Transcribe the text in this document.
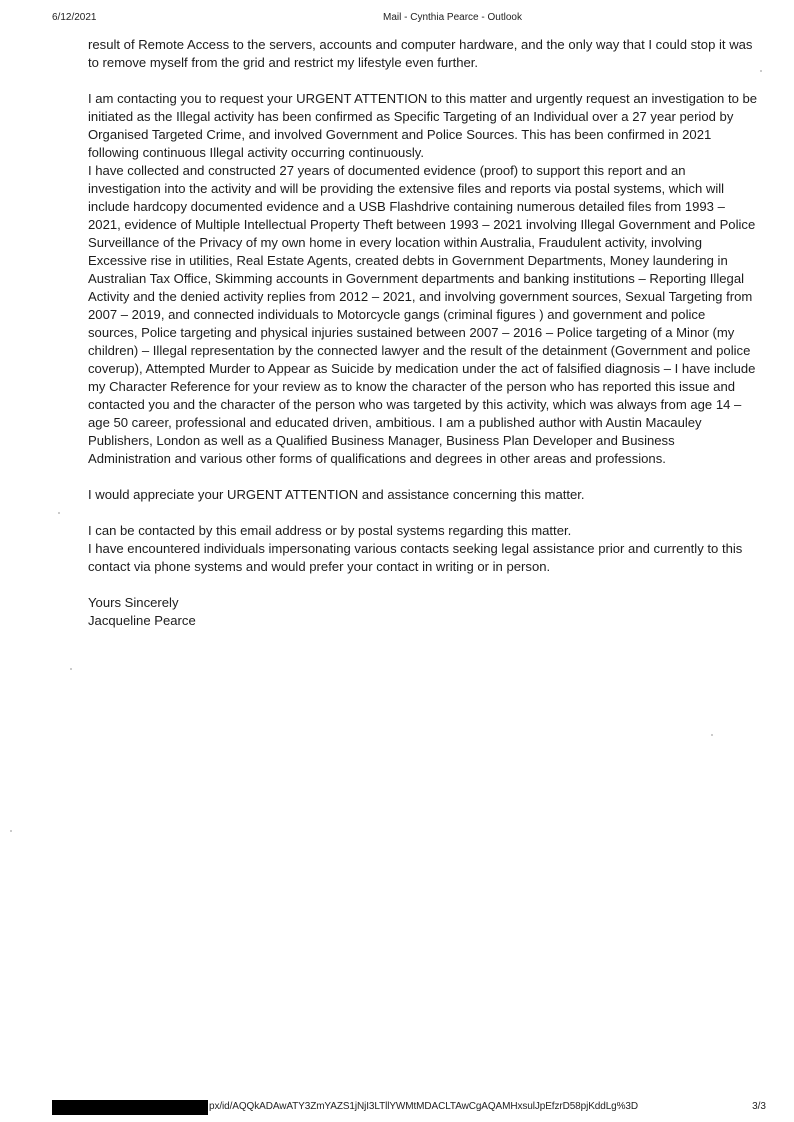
6/12/2021	Mail - Cynthia Pearce - Outlook

result of Remote Access to the servers, accounts and computer hardware, and the only way that I could stop it was to remove myself from the grid and restrict my lifestyle even further.

I am contacting you to request your URGENT ATTENTION to this matter and urgently request an investigation to be initiated as the Illegal activity has been confirmed as Specific Targeting of an Individual over a 27 year period by Organised Targeted Crime, and involved Government and Police Sources. This has been confirmed in 2021 following continuous Illegal activity occurring continuously.

I have collected and constructed 27 years of documented evidence (proof) to support this report and an investigation into the activity and will be providing the extensive files and reports via postal systems, which will include hardcopy documented evidence and a USB Flashdrive containing numerous detailed files from 1993 – 2021, evidence of Multiple Intellectual Property Theft between 1993 – 2021 involving Illegal Government and Police Surveillance of the Privacy of my own home in every location within Australia, Fraudulent activity, involving Excessive rise in utilities, Real Estate Agents, created debts in Government Departments, Money laundering in Australian Tax Office, Skimming accounts in Government departments and banking institutions – Reporting Illegal Activity and the denied activity replies from 2012 – 2021, and involving government sources, Sexual Targeting from 2007 – 2019, and connected individuals to Motorcycle gangs (criminal figures ) and government and police sources, Police targeting and physical injuries sustained between 2007 – 2016 – Police targeting of a Minor (my children) – Illegal representation by the connected lawyer and the result of the detainment (Government and police coverup), Attempted Murder to Appear as Suicide by medication under the act of falsified diagnosis – I have include my Character Reference for your review as to know the character of the person who has reported this issue and contacted you and the character of the person who was targeted by this activity, which was always from age 14 – age 50 career, professional and educated driven, ambitious. I am a published author with Austin Macauley Publishers, London as well as a Qualified Business Manager, Business Plan Developer and Business Administration and various other forms of qualifications and degrees in other areas and professions.

I would appreciate your URGENT ATTENTION and assistance concerning this matter.

I can be contacted by this email address or by postal systems regarding this matter.

I have encountered individuals impersonating various contacts seeking legal assistance prior and currently to this contact via phone systems and would prefer your contact in writing or in person.

Yours Sincerely

Jacqueline Pearce

px/id/AQQkADAwATY3ZmYAZS1jNjI3LTllYWMtMDACLTAwCgAQAMHxsulJpEfzrD58pjKddLg%3D	3/3
